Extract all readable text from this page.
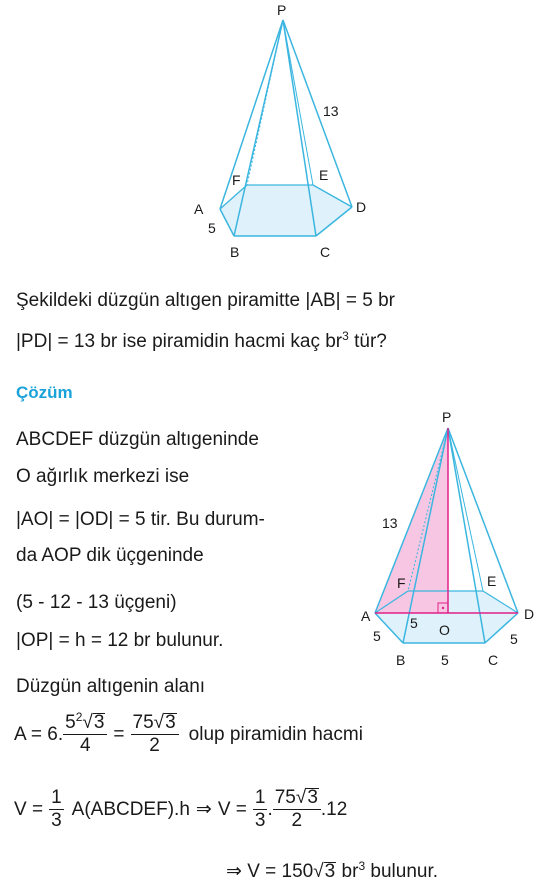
P
A
B	C
D
E
F
13
5
Şekildeki düzgün altıgen piramitte |AB| = 5 br
|PD| = 13 br ise piramidin hacmi kaç $br^3$ tür?
Çözüm
ABCDEF düzgün altıgeninde
O ağırlık merkezi ise
|AO| = |OD| = 5 tir. Bu durum-
da AOP dik üçgeninde
(5 - 12 - 13 üçgeni)
|OP| = h = 12 br bulunur.
Düzgün altıgenin alanı
A = 6. $\frac{5^2√3}{4} = \frac{75√3}{2}$ olup piramidin hacmi
$V = \frac{1}{3}$ A(ABCDEF).h ⇒ $V = \frac{1}{3}$ . $\frac{75√3}{2} .12$
⇒ V = 150√3 $br^3$ bulunur.
P
A
B	C
D
E
F
O
13
5
5
5
5
